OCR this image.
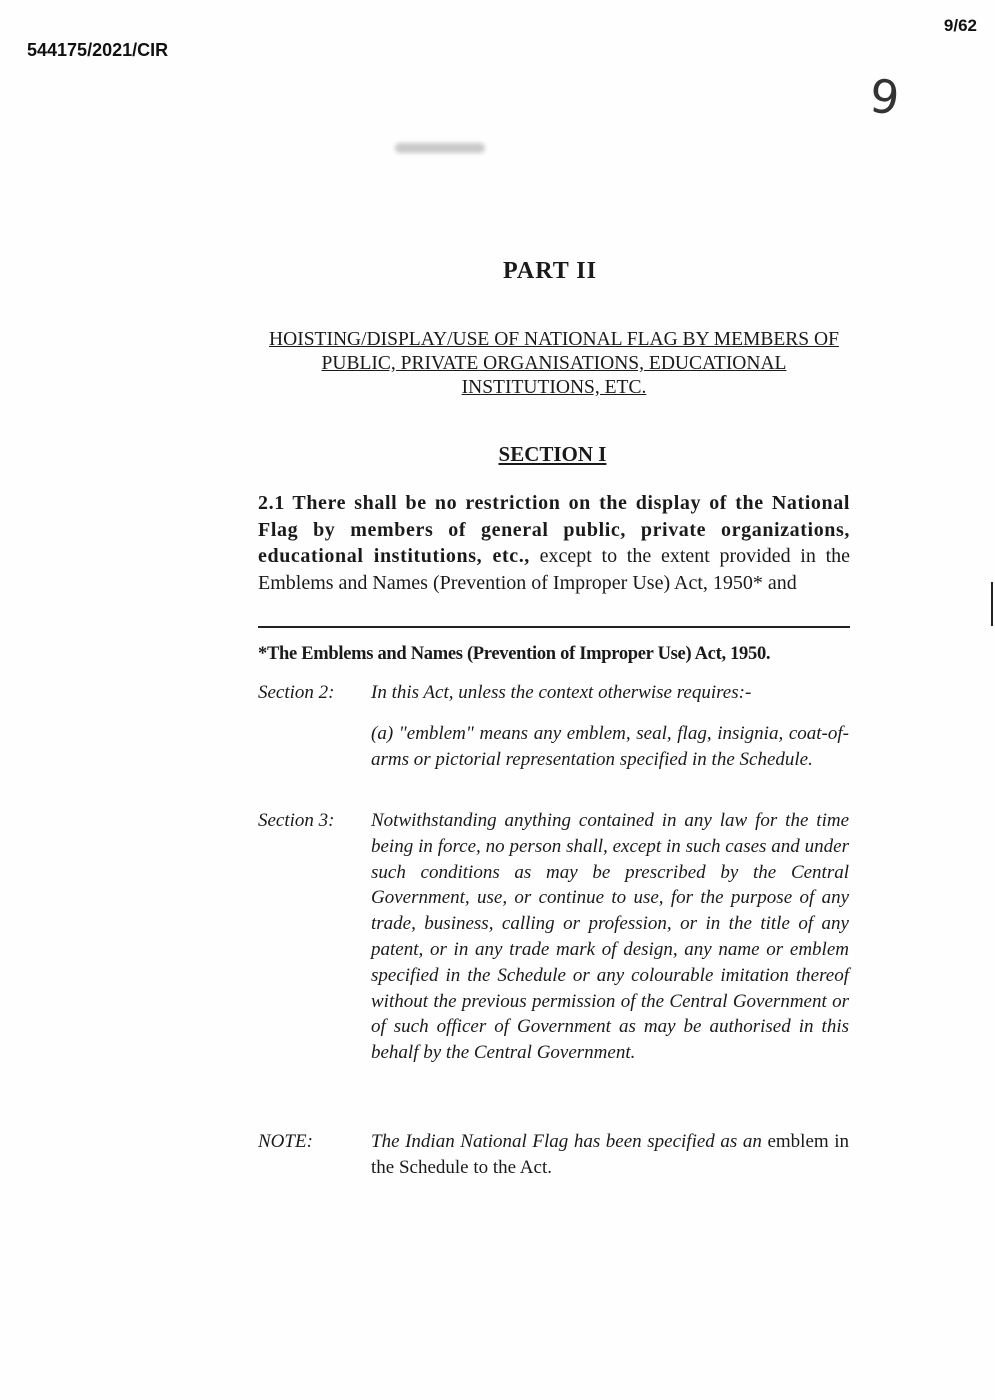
544175/2021/CIR
9/62
9
PART II
HOISTING/DISPLAY/USE OF NATIONAL FLAG BY MEMBERS OF PUBLIC, PRIVATE ORGANISATIONS, EDUCATIONAL INSTITUTIONS, ETC.
SECTION I
2.1 There shall be no restriction on the display of the National Flag by members of general public, private organizations, educational institutions, etc., except to the extent provided in the Emblems and Names (Prevention of Improper Use) Act, 1950* and
*The Emblems and Names (Prevention of Improper Use) Act, 1950.
Section 2:	In this Act, unless the context otherwise requires:-
(a) "emblem" means any emblem, seal, flag, insignia, coat-of-arms or pictorial representation specified in the Schedule.
Section 3:	Notwithstanding anything contained in any law for the time being in force, no person shall, except in such cases and under such conditions as may be prescribed by the Central Government, use, or continue to use, for the purpose of any trade, business, calling or profession, or in the title of any patent, or in any trade mark of design, any name or emblem specified in the Schedule or any colourable imitation thereof without the previous permission of the Central Government or of such officer of Government as may be authorised in this behalf by the Central Government.
NOTE:	The Indian National Flag has been specified as an emblem in the Schedule to the Act.
